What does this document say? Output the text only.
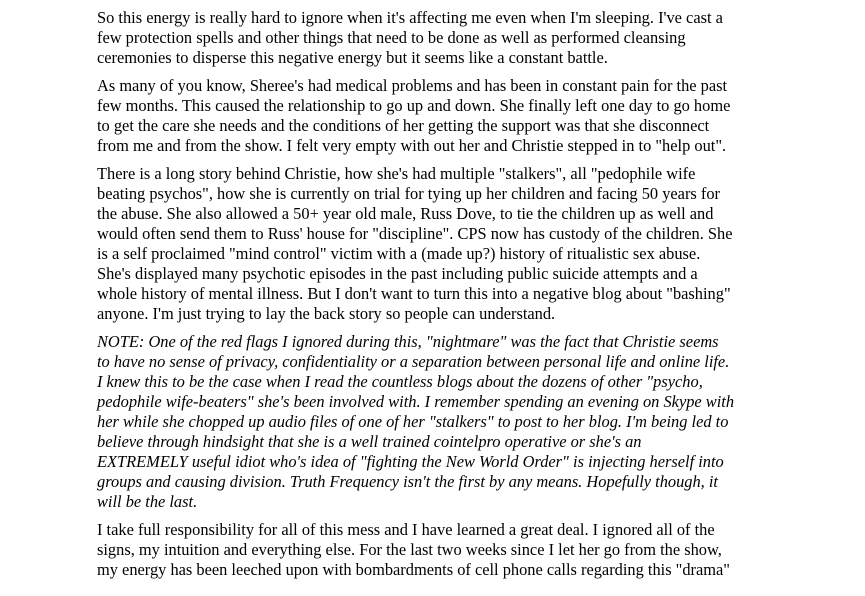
So this energy is really hard to ignore when it's affecting me even when I'm sleeping. I've cast a
few protection spells and other things that need to be done as well as performed cleansing
ceremonies to disperse this negative energy but it seems like a constant battle.

As many of you know, Sheree's had medical problems and has been in constant pain for the past
few months. This caused the relationship to go up and down. She finally left one day to go home
to get the care she needs and the conditions of her getting the support was that she disconnect
from me and from the show. I felt very empty with out her and Christie stepped in to "help out".

There is a long story behind Christie, how she's had multiple "stalkers", all "pedophile wife
beating psychos", how she is currently on trial for tying up her children and facing 50 years for
the abuse. She also allowed a 50+ year old male, Russ Dove, to tie the children up as well and
would often send them to Russ' house for "discipline". CPS now has custody of the children. She
is a self proclaimed "mind control" victim with a (made up?) history of ritualistic sex abuse.
She's displayed many psychotic episodes in the past including public suicide attempts and a
whole history of mental illness. But I don't want to turn this into a negative blog about "bashing"
anyone. I'm just trying to lay the back story so people can understand.

NOTE: One of the red flags I ignored during this, "nightmare" was the fact that Christie seems
to have no sense of privacy, confidentiality or a separation between personal life and online life.
I knew this to be the case when I read the countless blogs about the dozens of other "psycho,
pedophile wife-beaters" she's been involved with. I remember spending an evening on Skype with
her while she chopped up audio files of one of her "stalkers" to post to her blog. I'm being led to
believe through hindsight that she is a well trained cointelpro operative or she's an
EXTREMELY useful idiot who's idea of "fighting the New World Order" is injecting herself into
groups and causing division. Truth Frequency isn't the first by any means. Hopefully though, it
will be the last.

I take full responsibility for all of this mess and I have learned a great deal. I ignored all of the
signs, my intuition and everything else. For the last two weeks since I let her go from the show,
my energy has been leeched upon with bombardments of cell phone calls regarding this "drama"
